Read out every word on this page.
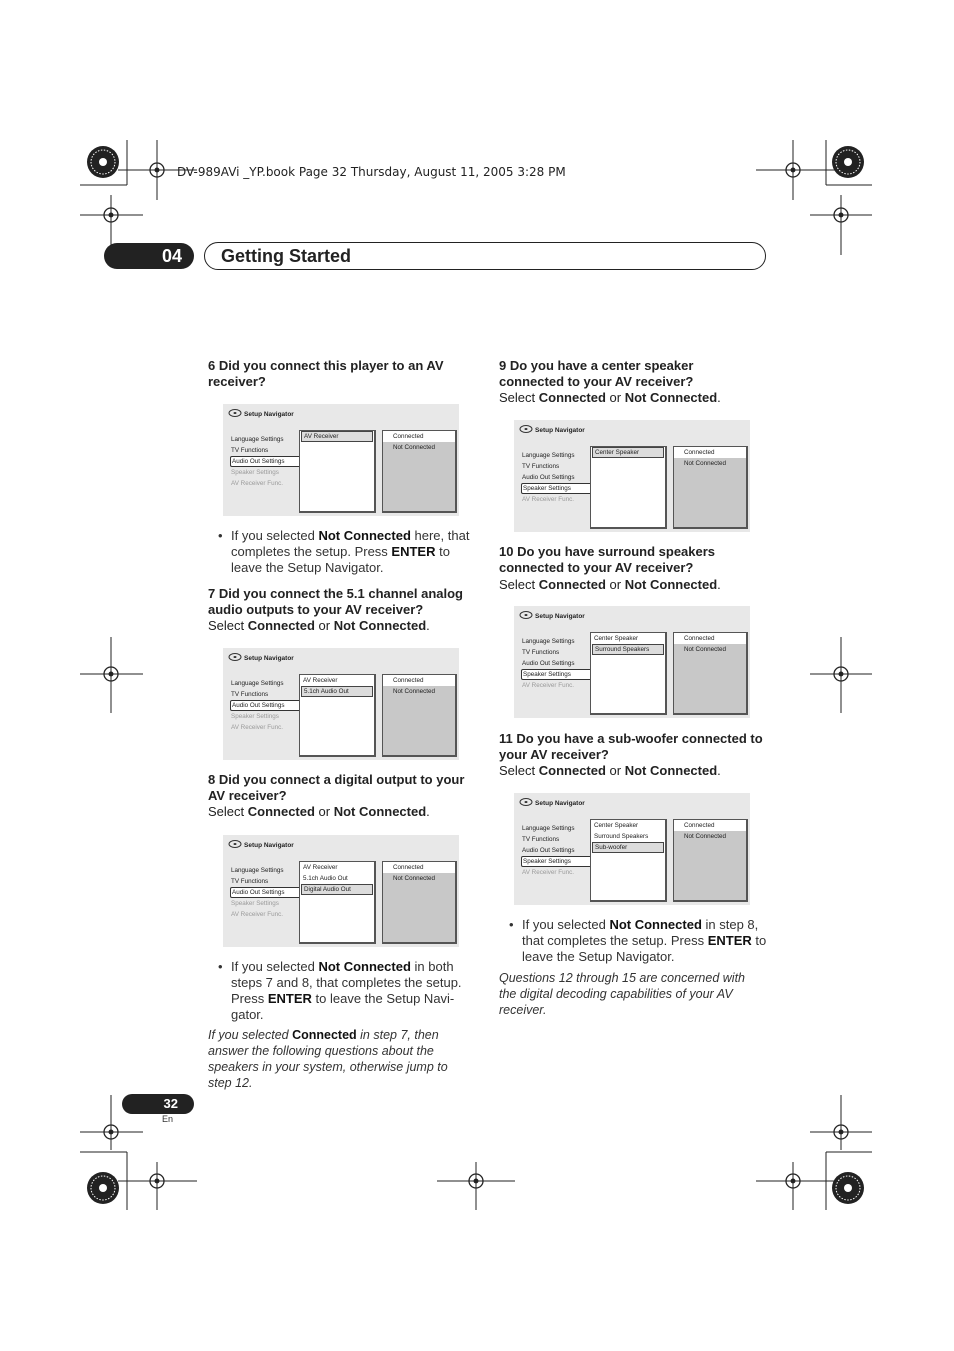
DV-989AVi _YP.book Page 32 Thursday, August 11, 2005 3:28 PM
04	Getting Started
6 Did you connect this player to an AV receiver?
Setup Navigator
Language Settings
TV Functions
Audio Out Settings
Speaker Settings
AV Receiver Func.
AV Receiver	Connected
Not Connected
• If you selected Not Connected here, that completes the setup. Press ENTER to leave the Setup Navigator.
7 Did you connect the 5.1 channel analog audio outputs to your AV receiver?
Select Connected or Not Connected.
Setup Navigator
Language Settings
TV Functions
Audio Out Settings
Speaker Settings
AV Receiver Func.
AV Receiver
5.1ch Audio Out
Connected
Not Connected
8 Did you connect a digital output to your AV receiver?
Select Connected or Not Connected.
Setup Navigator
Language Settings
TV Functions
Audio Out Settings
Speaker Settings
AV Receiver Func.
AV Receiver
5.1ch Audio Out
Digital Audio Out
Connected
Not Connected
• If you selected Not Connected in both steps 7 and 8, that completes the setup. Press ENTER to leave the Setup Navi-gator.
If you selected Connected in step 7, then answer the following questions about the speakers in your system, otherwise jump to step 12.
9 Do you have a center speaker connected to your AV receiver?
Select Connected or Not Connected.
Setup Navigator
Language Settings
TV Functions
Audio Out Settings
Speaker Settings
AV Receiver Func.
Center Speaker	Connected
Not Connected
10 Do you have surround speakers connected to your AV receiver?
Select Connected or Not Connected.
Setup Navigator
Language Settings
TV Functions
Audio Out Settings
Speaker Settings
AV Receiver Func.
Center Speaker
Surround Speakers
Connected
Not Connected
11 Do you have a sub-woofer connected to your AV receiver?
Select Connected or Not Connected.
Setup Navigator
Language Settings
TV Functions
Audio Out Settings
Speaker Settings
AV Receiver Func.
Center Speaker
Surround Speakers
Sub-woofer
Connected
Not Connected
• If you selected Not Connected in step 8, that completes the setup. Press ENTER to leave the Setup Navigator.
Questions 12 through 15 are concerned with the digital decoding capabilities of your AV receiver.
32
En
